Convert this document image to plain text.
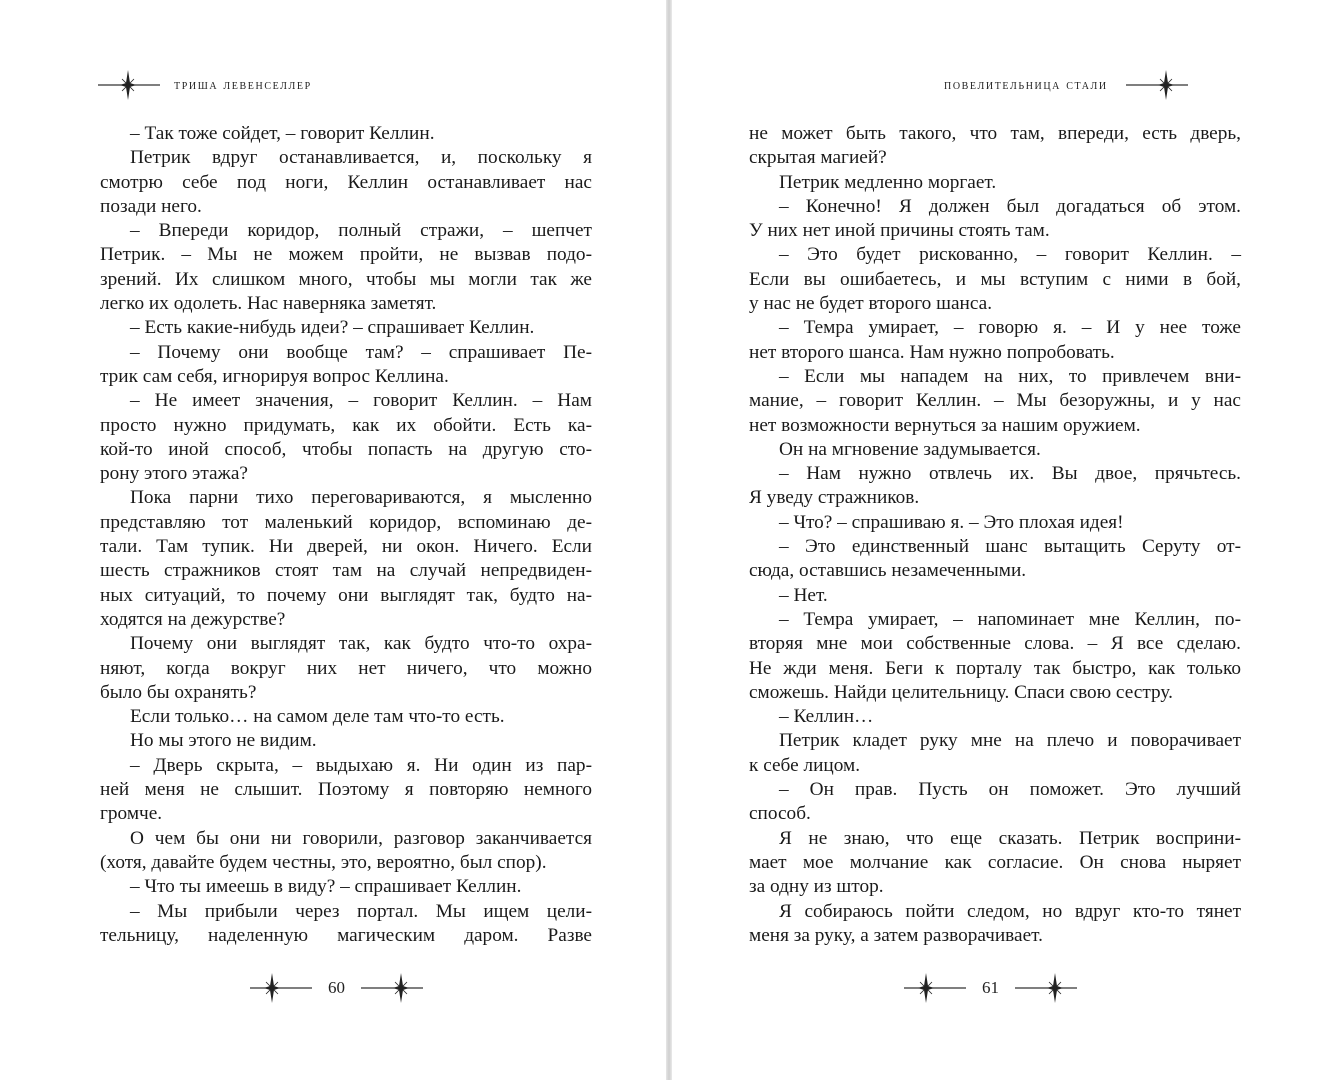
триша левенселлер
– Так тоже сойдет, – говорит Келлин.
Петрик вдруг останавливается, и, поскольку я
смотрю себе под ноги, Келлин останавливает нас
позади него.
– Впереди коридор, полный стражи, – шепчет
Петрик. – Мы не можем пройти, не вызвав подо-
зрений. Их слишком много, чтобы мы могли так же
легко их одолеть. Нас наверняка заметят.
– Есть какие-нибудь идеи? – спрашивает Келлин.
– Почему они вообще там? – спрашивает Пе-
трик сам себя, игнорируя вопрос Келлина.
– Не имеет значения, – говорит Келлин. – Нам
просто нужно придумать, как их обойти. Есть ка-
кой-то иной способ, чтобы попасть на другую сто-
рону этого этажа?
Пока парни тихо переговариваются, я мысленно
представляю тот маленький коридор, вспоминаю де-
тали. Там тупик. Ни дверей, ни окон. Ничего. Если
шесть стражников стоят там на случай непредвиден-
ных ситуаций, то почему они выглядят так, будто на-
ходятся на дежурстве?
Почему они выглядят так, как будто что-то охра-
няют, когда вокруг них нет ничего, что можно
было бы охранять?
Если только… на самом деле там что-то есть.
Но мы этого не видим.
– Дверь скрыта, – выдыхаю я. Ни один из пар-
ней меня не слышит. Поэтому я повторяю немного
громче.
О чем бы они ни говорили, разговор заканчивается
(хотя, давайте будем честны, это, вероятно, был спор).
– Что ты имеешь в виду? – спрашивает Келлин.
– Мы прибыли через портал. Мы ищем цели-
тельницу, наделенную магическим даром. Разве
60
повелительница стали
не может быть такого, что там, впереди, есть дверь,
скрытая магией?
Петрик медленно моргает.
– Конечно! Я должен был догадаться об этом.
У них нет иной причины стоять там.
– Это будет рискованно, – говорит Келлин. –
Если вы ошибаетесь, и мы вступим с ними в бой,
у нас не будет второго шанса.
– Темра умирает, – говорю я. – И у нее тоже
нет второго шанса. Нам нужно попробовать.
– Если мы нападем на них, то привлечем вни-
мание, – говорит Келлин. – Мы безоружны, и у нас
нет возможности вернуться за нашим оружием.
Он на мгновение задумывается.
– Нам нужно отвлечь их. Вы двое, прячьтесь.
Я уведу стражников.
– Что? – спрашиваю я. – Это плохая идея!
– Это единственный шанс вытащить Серуту от-
сюда, оставшись незамеченными.
– Нет.
– Темра умирает, – напоминает мне Келлин, по-
вторяя мне мои собственные слова. – Я все сделаю.
Не жди меня. Беги к порталу так быстро, как только
сможешь. Найди целительницу. Спаси свою сестру.
– Келлин…
Петрик кладет руку мне на плечо и поворачивает
к себе лицом.
– Он прав. Пусть он поможет. Это лучший
способ.
Я не знаю, что еще сказать. Петрик восприни-
мает мое молчание как согласие. Он снова ныряет
за одну из штор.
Я собираюсь пойти следом, но вдруг кто-то тянет
меня за руку, а затем разворачивает.
61
